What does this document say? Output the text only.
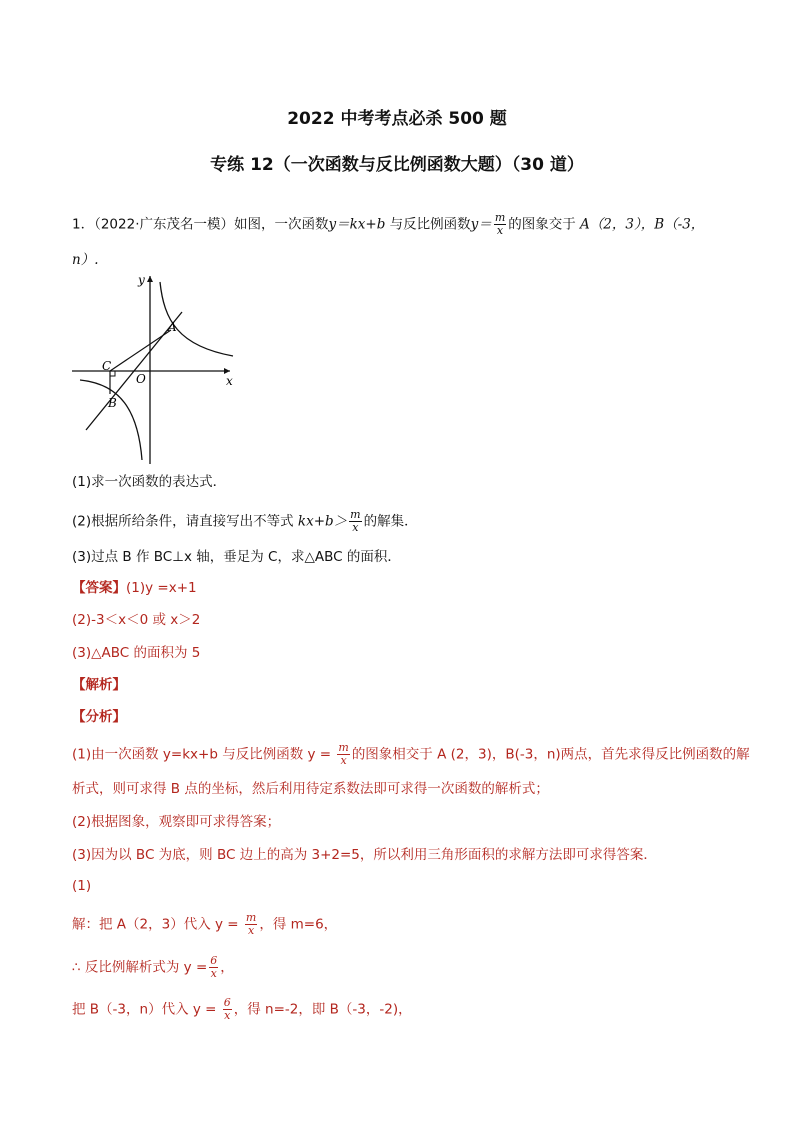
2022 中考考点必杀 500 题
专练 12（一次函数与反比例函数大题）（30 道）
1．（2022·广东茂名一模）如图，一次函数y＝kx+b 与反比例函数$y= \frac{m}{x}$ 的图象交于 A（2，3），B（-3，
n）.
y
x
A
C
B
O
(1)求一次函数的表达式．
(2)根据所给条件，请直接写出不等式 $kx+b> \frac{m}{x}$ 的解集．
(3)过点 B 作 BC⊥x 轴，垂足为 C，求△ABC 的面积．
【答案】(1)y =x+1
(2)-3＜x＜0 或 x＞2
(3)△ABC 的面积为 5
【解析】
【分析】
(1)由一次函数 y=kx+b 与反比例函数 $y = \frac{m}{x}$ 的图象相交于 A (2，3)，B(-3，n)两点，首先求得反比例函数的解
析式，则可求得 B 点的坐标，然后利用待定系数法即可求得一次函数的解析式；
(2)根据图象，观察即可求得答案；
(3)因为以 BC 为底，则 BC 边上的高为 3+2=5，所以利用三角形面积的求解方法即可求得答案．
(1)
解：把 A（2，3）代入 $y = \frac{m}{x}$ ，得 m=6，
∴ 反比例解析式为 $y = \frac{6}{x}$ ，
把 B（-3，n）代入 $y = \frac{6}{x}$ ，得 n=-2，即 B（-3，-2)，
